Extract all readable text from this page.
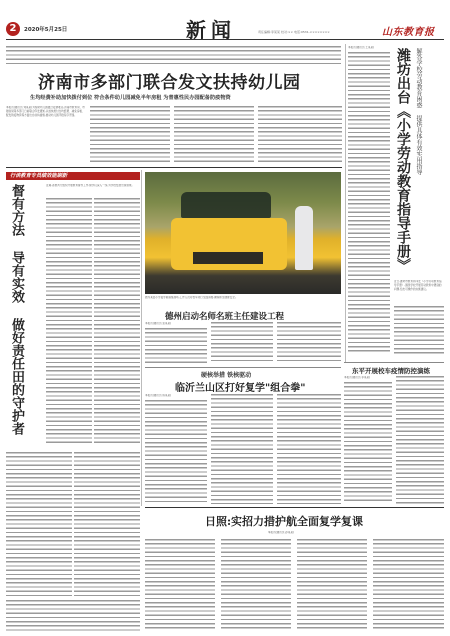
2	2020年5月25日	新闻	责任编辑:李某某 校对:×× 电话:0531-××××××××	山东教育报
济南市多部门联合发文扶持幼儿园
生均经费补助加快拨付到位 符合条件幼儿园减免半年房租 为普惠性民办园配备防疫物资
本报讯(通讯员 刘某某)为帮助幼儿园渡过疫情难关,济南市教育局、市财政局等多部门日前联合印发通知,从加快拨付生均经费、减免房租、配发防疫物资等方面出台扶持措施,推动幼儿园平稳有序开园。
本报讯(通讯员 王某某)
潍坊出台《小学劳动教育指导手册》 解答学校劳动教育困惑 提供具体有效实用指导
近日,潍坊市教育局印发《小学劳动教育指导手册》,围绕学校开展劳动教育中遇到的问题,给出可操作的实施建议。
行谈教育专员绩效能刷新
督有方法 导有实效 做好责任田的守护者	近期,省教育厅组织开展教育督导工作,督学们深入一线,为学校发展出谋划策。
图为某县小学复学前演练现场,工作人员对校车进行全面消毒,确保师生健康安全。
德州启动名师名班主任建设工程
本报讯(通讯员 张某某)
硬核举措 铁核驱动
临沂兰山区打好复学"组合拳"
本报讯(通讯员 陈某某)
东平开展校车疫情防控演练
本报讯(通讯员 李某某)
日照:实招力措护航全面复学复课
本报讯(通讯员 孙某某)
